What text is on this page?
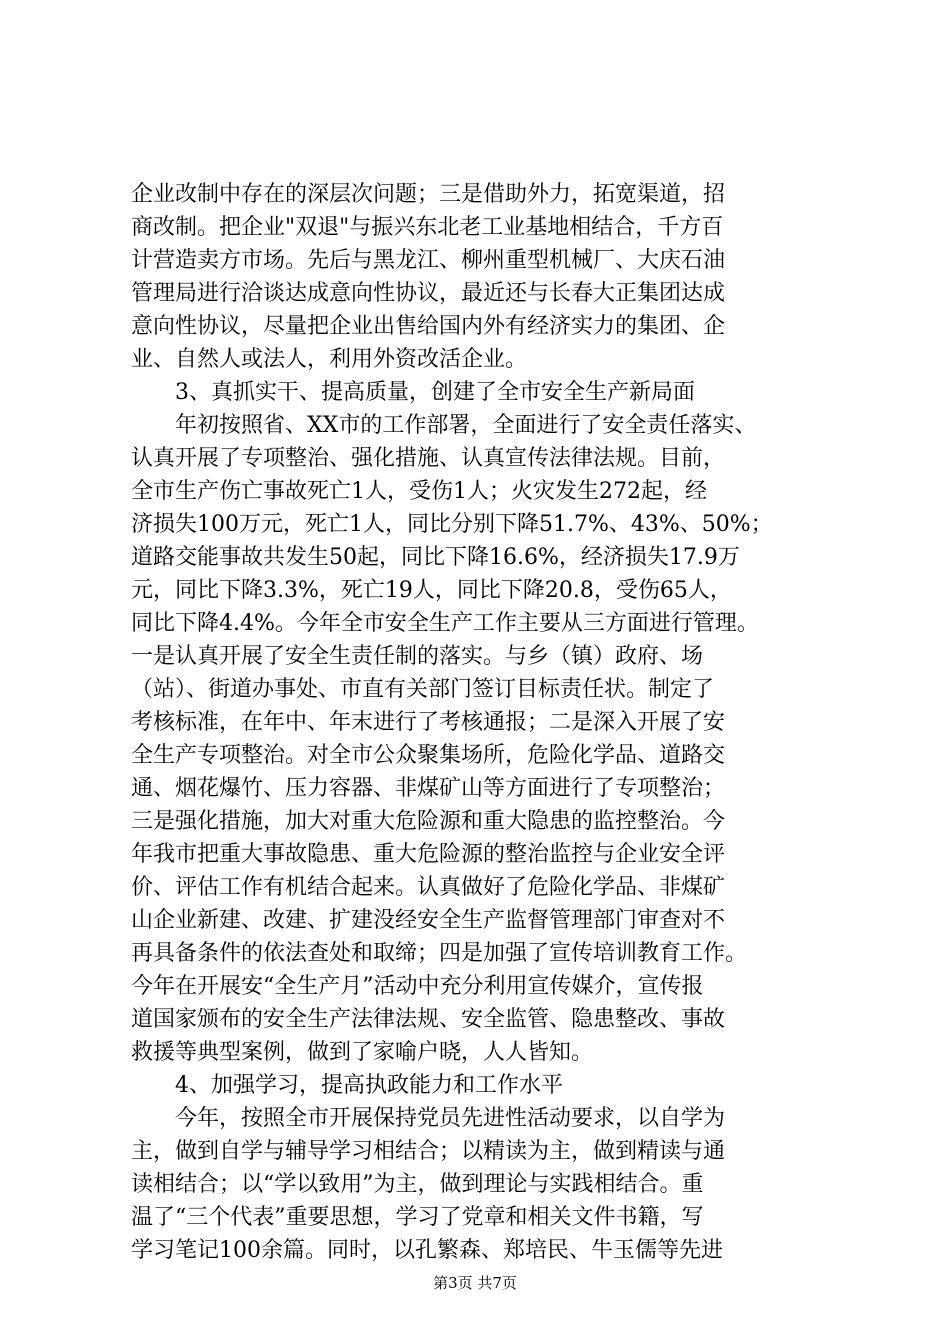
企业改制中存在的深层次问题；三是借助外力，拓宽渠道，招
商改制。把企业"双退"与振兴东北老工业基地相结合，千方百
计营造卖方市场。先后与黑龙江、柳州重型机械厂、大庆石油
管理局进行洽谈达成意向性协议，最近还与长春大正集团达成
意向性协议，尽量把企业出售给国内外有经济实力的集团、企
业、自然人或法人，利用外资改活企业。
　　3、真抓实干、提高质量，创建了全市安全生产新局面
　　年初按照省、XX市的工作部署，全面进行了安全责任落实、
认真开展了专项整治、强化措施、认真宣传法律法规。目前，
全市生产伤亡事故死亡1人，受伤1人；火灾发生272起，经
济损失100万元，死亡1人，同比分别下降51.7%、43%、50%；
道路交能事故共发生50起，同比下降16.6%，经济损失17.9万
元，同比下降3.3%，死亡19人，同比下降20.8，受伤65人，
同比下降4.4%。今年全市安全生产工作主要从三方面进行管理。
一是认真开展了安全生责任制的落实。与乡（镇）政府、场
（站）、街道办事处、市直有关部门签订目标责任状。制定了
考核标准，在年中、年末进行了考核通报；二是深入开展了安
全生产专项整治。对全市公众聚集场所，危险化学品、道路交
通、烟花爆竹、压力容器、非煤矿山等方面进行了专项整治；
三是强化措施，加大对重大危险源和重大隐患的监控整治。今
年我市把重大事故隐患、重大危险源的整治监控与企业安全评
价、评估工作有机结合起来。认真做好了危险化学品、非煤矿
山企业新建、改建、扩建没经安全生产监督管理部门审查对不
再具备条件的依法查处和取缔；四是加强了宣传培训教育工作。
今年在开展安“全生产月”活动中充分利用宣传媒介，宣传报
道国家颁布的安全生产法律法规、安全监管、隐患整改、事故
救援等典型案例，做到了家喻户晓，人人皆知。
　　4、加强学习，提高执政能力和工作水平
　　今年，按照全市开展保持党员先进性活动要求，以自学为
主，做到自学与辅导学习相结合；以精读为主，做到精读与通
读相结合；以“学以致用”为主，做到理论与实践相结合。重
温了“三个代表”重要思想，学习了党章和相关文件书籍，写
学习笔记100余篇。同时，以孔繁森、郑培民、牛玉儒等先进
第3页 共7页
